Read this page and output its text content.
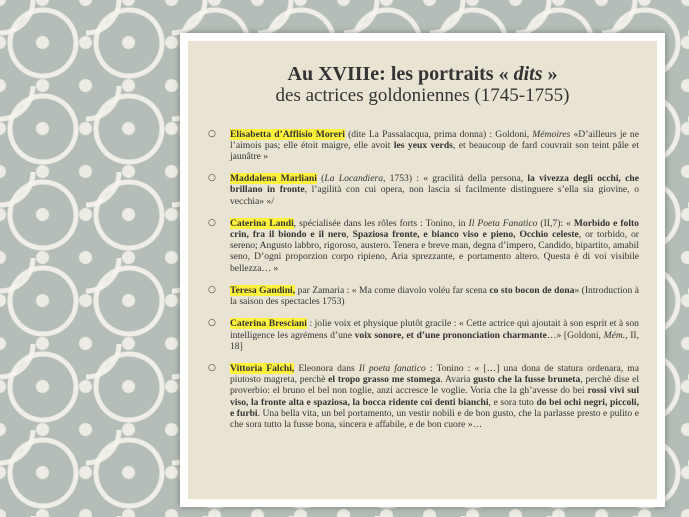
Au XVIIIe: les portraits « dits »
des actrices goldoniennes (1745-1755)
○ Elisabetta d’Afflisio Moreri (dite La Passalacqua, prima donna) : Goldoni, Mémoires «D’ailleurs je ne l’aimois pas; elle étoit maigre, elle avoit les yeux verds, et beaucoup de fard couvrait son teint pâle et jaunâtre »
○ Maddalena Marliani (La Locandiera, 1753) : « gracilità della persona, la vivezza degli occhi, che brillano in fronte, l’agilità con cui opera, non lascia si facilmente distinguere s’ella sia giovine, o vecchia» »/
○ Caterina Landi, spécialisée dans les rôles forts : Tonino, in Il Poeta Fanatico (II,7): « Morbido e folto crin, fra il biondo e il nero, Spaziosa fronte, e bianco viso e pieno, Occhio celeste, or torbido, or sereno; Angusto labbro, rigoroso, austero. Tenera e breve man, degna d’impero, Candido, bipartito, amabil seno, D’ogni proporzion corpo ripieno, Aria sprezzante, e portamento altero. Questa è di voi visibile bellezza… »
○ Teresa Gandini, par Zamaria : « Ma come diavolo voléu far scena co sto bocon de dona» (Introduction à la saison des spectacles 1753)
○ Caterina Bresciani : jolie voix et physique plutôt gracile : « Cette actrice qui ajoutait à son esprit et à son intelligence les agrémens d’une voix sonore, et d’une prononciation charmante…» [Goldoni, Mém., II, 18]
○ Vittoria Falchi, Eleonora dans Il poeta fanatico : Tonino : « […] una dona de statura ordenara, ma piutosto magreta, perchè el tropo grasso me stomega. Avaria gusto che la fusse bruneta, perchè dise el proverbio: el bruno el bel non toglie, anzi accresce le voglie. Voria che la gh’avesse do bei rossi vivi sul viso, la fronte alta e spaziosa, la bocca ridente coi denti bianchi, e sora tuto do bei ochi negri, piccoli, e furbi. Una bella vita, un bel portamento, un vestir nobili e de bon gusto, che la parlasse presto e pulito e che sora tutto la fusse bona, sincera e affabile, e de bon cuore »…
